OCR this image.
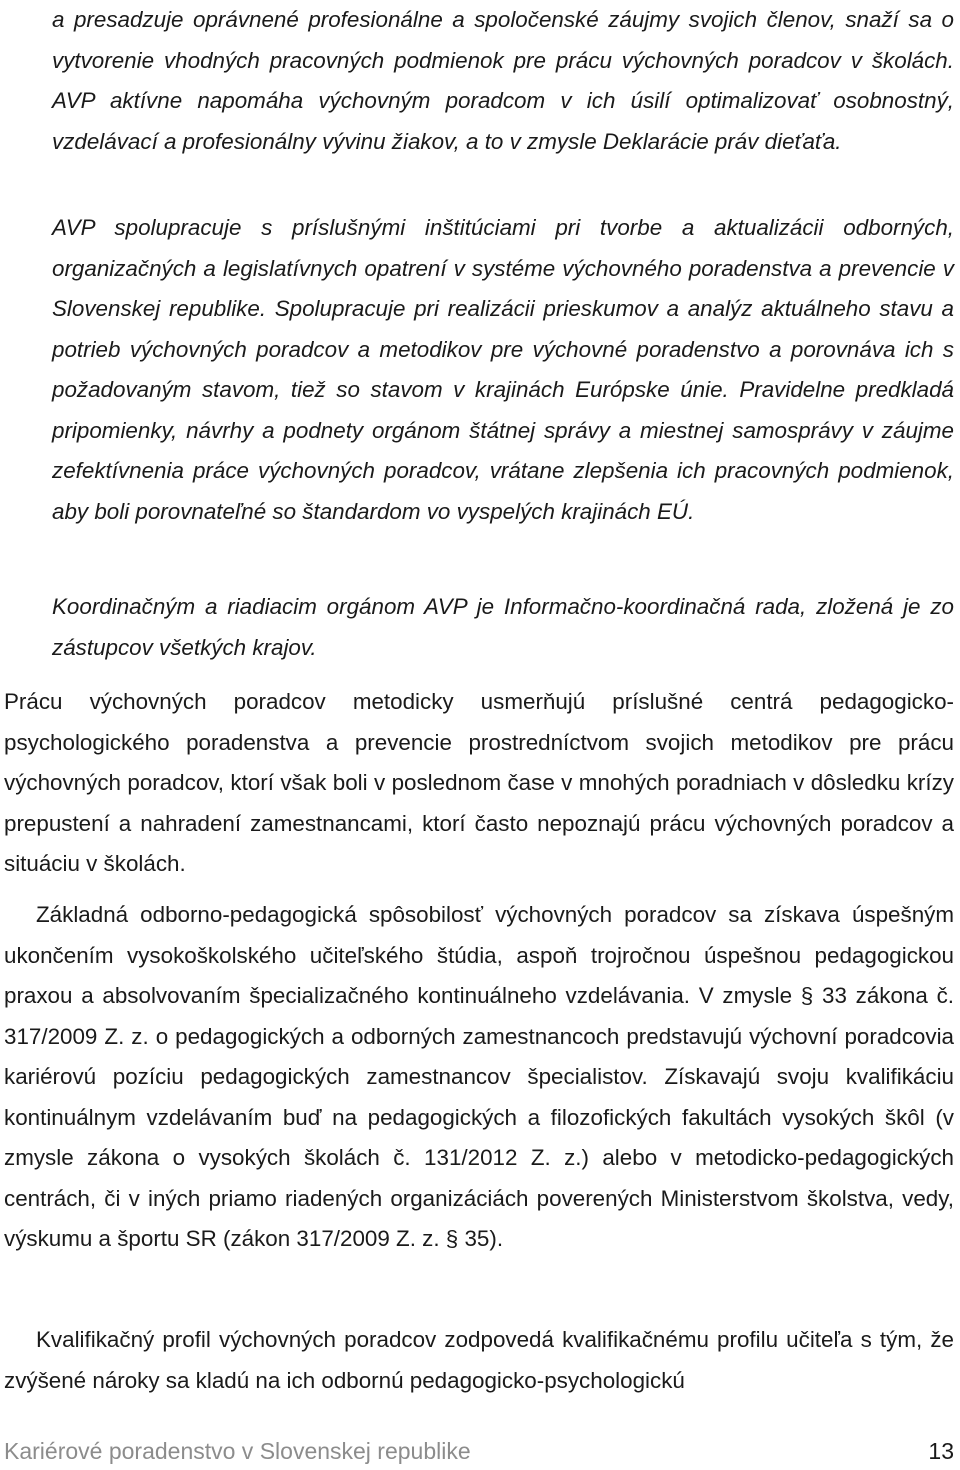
a presadzuje oprávnené profesionálne a spoločenské záujmy svojich členov, snaží sa o vytvorenie vhodných pracovných podmienok pre prácu výchovných poradcov v školách. AVP aktívne napomáha výchovným poradcom v ich úsilí optimalizovať osobnostný, vzdelávací a profesionálny vývinu žiakov, a to v zmysle Deklarácie práv dieťaťa.

AVP spolupracuje s príslušnými inštitúciami pri tvorbe a aktualizácii odborných, organizačných a legislatívnych opatrení v systéme výchovného poradenstva a prevencie v Slovenskej republike. Spolupracuje pri realizácii prieskumov a analýz aktuálneho stavu a potrieb výchovných poradcov a metodikov pre výchovné poradenstvo a porovnáva ich s požadovaným stavom, tiež so stavom v krajinách Európske únie. Pravidelne predkladá pripomienky, návrhy a podnety orgánom štátnej správy a miestnej samosprávy v záujme zefektívnenia práce výchovných poradcov, vrátane zlepšenia ich pracovných podmienok, aby boli porovnateľné so štandardom vo vyspelých krajinách EÚ.

Koordinačným a riadiacim orgánom AVP je Informačno-koordinačná rada, zložená je zo zástupcov všetkých krajov.

Prácu výchovných poradcov metodicky usmerňujú príslušné centrá pedagogicko-psychologického poradenstva a prevencie prostredníctvom svojich metodikov pre prácu výchovných poradcov, ktorí však boli v poslednom čase v mnohých poradniach v dôsledku krízy prepustení a nahradení zamestnancami, ktorí často nepoznajú prácu výchovných poradcov a situáciu v školách.

Základná odborno-pedagogická spôsobilosť výchovných poradcov sa získava úspešným ukončením vysokoškolského učiteľského štúdia, aspoň trojročnou úspešnou pedagogickou praxou a absolvovaním špecializačného kontinuálneho vzdelávania. V zmysle § 33 zákona č. 317/2009 Z. z. o pedagogických a odborných zamestnancoch predstavujú výchovní poradcovia kariérovú pozíciu pedagogických zamestnancov špecialistov. Získavajú svoju kvalifikáciu kontinuálnym vzdelávaním buď na pedagogických a filozofických fakultách vysokých škôl (v zmysle zákona o vysokých školách č. 131/2012 Z. z.) alebo v metodicko-pedagogických centrách, či v iných priamo riadených organizáciách poverených Ministerstvom školstva, vedy, výskumu a športu SR (zákon 317/2009 Z. z. § 35).

Kvalifikačný profil výchovných poradcov zodpovedá kvalifikačnému profilu učiteľa s tým, že zvýšené nároky sa kladú na ich odbornú pedagogicko-psychologickú

Kariérové poradenstvo v Slovenskej republike	13
